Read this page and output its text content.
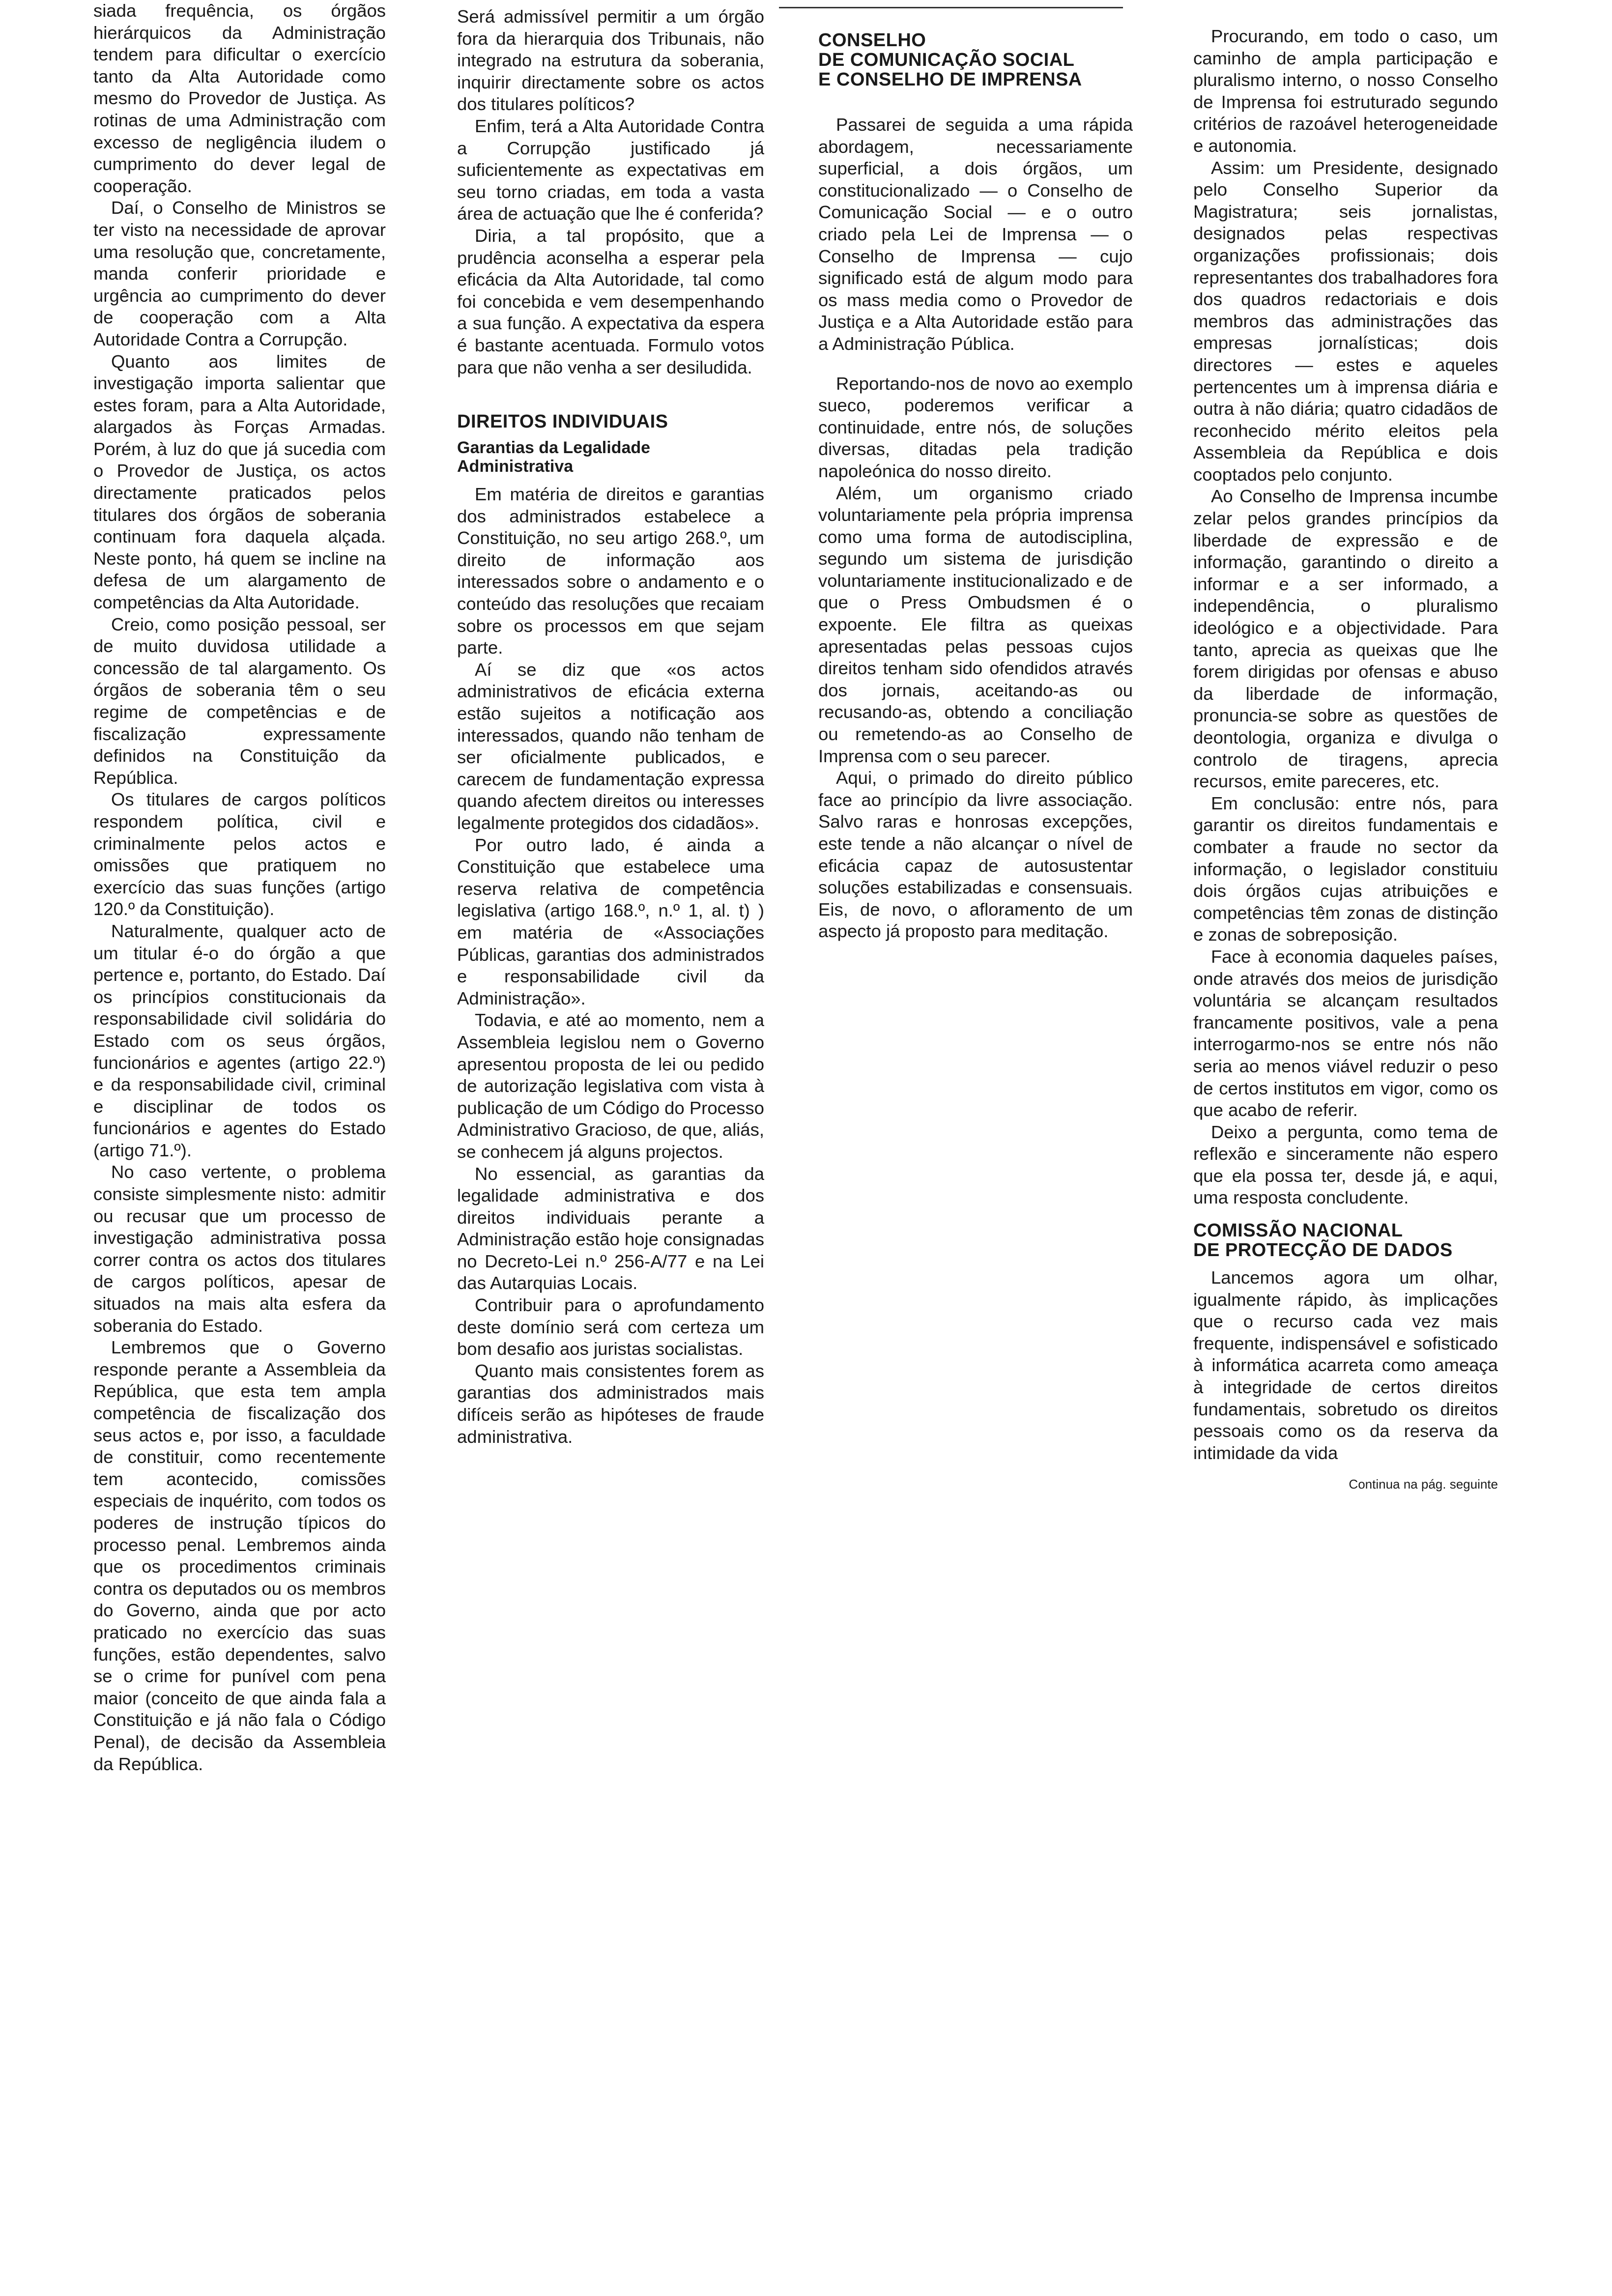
siada frequência, os órgãos hierárquicos da Administração tendem para dificultar o exercício tanto da Alta Autoridade como mesmo do Provedor de Justiça. As rotinas de uma Administração com excesso de negligência iludem o cumprimento do dever legal de cooperação.

Daí, o Conselho de Ministros se ter visto na necessidade de aprovar uma resolução que, concretamente, manda conferir prioridade e urgência ao cumprimento do dever de cooperação com a Alta Autoridade Contra a Corrupção.

Quanto aos limites de investigação importa salientar que estes foram, para a Alta Autoridade, alargados às Forças Armadas. Porém, à luz do que já sucedia com o Provedor de Justiça, os actos directamente praticados pelos titulares dos órgãos de soberania continuam fora daquela alçada. Neste ponto, há quem se incline na defesa de um alargamento de competências da Alta Autoridade.

Creio, como posição pessoal, ser de muito duvidosa utilidade a concessão de tal alargamento. Os órgãos de soberania têm o seu regime de competências e de fiscalização expressamente definidos na Constituição da República.

Os titulares de cargos políticos respondem política, civil e criminalmente pelos actos e omissões que pratiquem no exercício das suas funções (artigo 120.º da Constituição).

Naturalmente, qualquer acto de um titular é-o do órgão a que pertence e, portanto, do Estado. Daí os princípios constitucionais da responsabilidade civil solidária do Estado com os seus órgãos, funcionários e agentes (artigo 22.º) e da responsabilidade civil, criminal e disciplinar de todos os funcionários e agentes do Estado (artigo 71.º).

No caso vertente, o problema consiste simplesmente nisto: admitir ou recusar que um processo de investigação administrativa possa correr contra os actos dos titulares de cargos políticos, apesar de situados na mais alta esfera da soberania do Estado.

Lembremos que o Governo responde perante a Assembleia da República, que esta tem ampla competência de fiscalização dos seus actos e, por isso, a faculdade de constituir, como recentemente tem acontecido, comissões especiais de inquérito, com todos os poderes de instrução típicos do processo penal. Lembremos ainda que os procedimentos criminais contra os deputados ou os membros do Governo, ainda que por acto praticado no exercício das suas funções, estão dependentes, salvo se o crime for punível com pena maior (conceito de que ainda fala a Constituição e já não fala o Código Penal), de decisão da Assembleia da República.

Será admissível permitir a um órgão fora da hierarquia dos Tribunais, não integrado na estrutura da soberania, inquirir directamente sobre os actos dos titulares políticos?

Enfim, terá a Alta Autoridade Contra a Corrupção justificado já suficientemente as expectativas em seu torno criadas, em toda a vasta área de actuação que lhe é conferida?

Diria, a tal propósito, que a prudência aconselha a esperar pela eficácia da Alta Autoridade, tal como foi concebida e vem desempenhando a sua função. A expectativa da espera é bastante acentuada. Formulo votos para que não venha a ser desiludida.

DIREITOS INDIVIDUAIS
Garantias da Legalidade
Administrativa

Em matéria de direitos e garantias dos administrados estabelece a Constituição, no seu artigo 268.º, um direito de informação aos interessados sobre o andamento e o conteúdo das resoluções que recaiam sobre os processos em que sejam parte.

Aí se diz que «os actos administrativos de eficácia externa estão sujeitos a notificação aos interessados, quando não tenham de ser oficialmente publicados, e carecem de fundamentação expressa quando afectem direitos ou interesses legalmente protegidos dos cidadãos».

Por outro lado, é ainda a Constituição que estabelece uma reserva relativa de competência legislativa (artigo 168.º, n.º 1, al. t) ) em matéria de «Associações Públicas, garantias dos administrados e responsabilidade civil da Administração».

Todavia, e até ao momento, nem a Assembleia legislou nem o Governo apresentou proposta de lei ou pedido de autorização legislativa com vista à publicação de um Código do Processo Administrativo Gracioso, de que, aliás, se conhecem já alguns projectos.

No essencial, as garantias da legalidade administrativa e dos direitos individuais perante a Administração estão hoje consignadas no Decreto-Lei n.º 256-A/77 e na Lei das Autarquias Locais.

Contribuir para o aprofundamento deste domínio será com certeza um bom desafio aos juristas socialistas.

Quanto mais consistentes forem as garantias dos administrados mais difíceis serão as hipóteses de fraude administrativa.

CONSELHO
DE COMUNICAÇÃO SOCIAL
E CONSELHO DE IMPRENSA

Passarei de seguida a uma rápida abordagem, necessariamente superficial, a dois órgãos, um constitucionalizado — o Conselho de Comunicação Social — e o outro criado pela Lei de Imprensa — o Conselho de Imprensa — cujo significado está de algum modo para os mass media como o Provedor de Justiça e a Alta Autoridade estão para a Administração Pública.

Reportando-nos de novo ao exemplo sueco, poderemos verificar a continuidade, entre nós, de soluções diversas, ditadas pela tradição napoleónica do nosso direito.

Além, um organismo criado voluntariamente pela própria imprensa como uma forma de autodisciplina, segundo um sistema de jurisdição voluntariamente institucionalizado e de que o Press Ombudsmen é o expoente. Ele filtra as queixas apresentadas pelas pessoas cujos direitos tenham sido ofendidos através dos jornais, aceitando-as ou recusando-as, obtendo a conciliação ou remetendo-as ao Conselho de Imprensa com o seu parecer.

Aqui, o primado do direito público face ao princípio da livre associação. Salvo raras e honrosas excepções, este tende a não alcançar o nível de eficácia capaz de autosustentar soluções estabilizadas e consensuais. Eis, de novo, o afloramento de um aspecto já proposto para meditação.

Procurando, em todo o caso, um caminho de ampla participação e pluralismo interno, o nosso Conselho de Imprensa foi estruturado segundo critérios de razoável heterogeneidade e autonomia.

Assim: um Presidente, designado pelo Conselho Superior da Magistratura; seis jornalistas, designados pelas respectivas organizações profissionais; dois representantes dos trabalhadores fora dos quadros redactoriais e dois membros das administrações das empresas jornalísticas; dois directores — estes e aqueles pertencentes um à imprensa diária e outra à não diária; quatro cidadãos de reconhecido mérito eleitos pela Assembleia da República e dois cooptados pelo conjunto.

Ao Conselho de Imprensa incumbe zelar pelos grandes princípios da liberdade de expressão e de informação, garantindo o direito a informar e a ser informado, a independência, o pluralismo ideológico e a objectividade. Para tanto, aprecia as queixas que lhe forem dirigidas por ofensas e abuso da liberdade de informação, pronuncia-se sobre as questões de deontologia, organiza e divulga o controlo de tiragens, aprecia recursos, emite pareceres, etc.

Em conclusão: entre nós, para garantir os direitos fundamentais e combater a fraude no sector da informação, o legislador constituiu dois órgãos cujas atribuições e competências têm zonas de distinção e zonas de sobreposição.

Face à economia daqueles países, onde através dos meios de jurisdição voluntária se alcançam resultados francamente positivos, vale a pena interrogarmo-nos se entre nós não seria ao menos viável reduzir o peso de certos institutos em vigor, como os que acabo de referir.

Deixo a pergunta, como tema de reflexão e sinceramente não espero que ela possa ter, desde já, e aqui, uma resposta concludente.

COMISSÃO NACIONAL
DE PROTECÇÃO DE DADOS

Lancemos agora um olhar, igualmente rápido, às implicações que o recurso cada vez mais frequente, indispensável e sofisticado à informática acarreta como ameaça à integridade de certos direitos fundamentais, sobretudo os direitos pessoais como os da reserva da intimidade da vida

Continua na pág. seguinte
